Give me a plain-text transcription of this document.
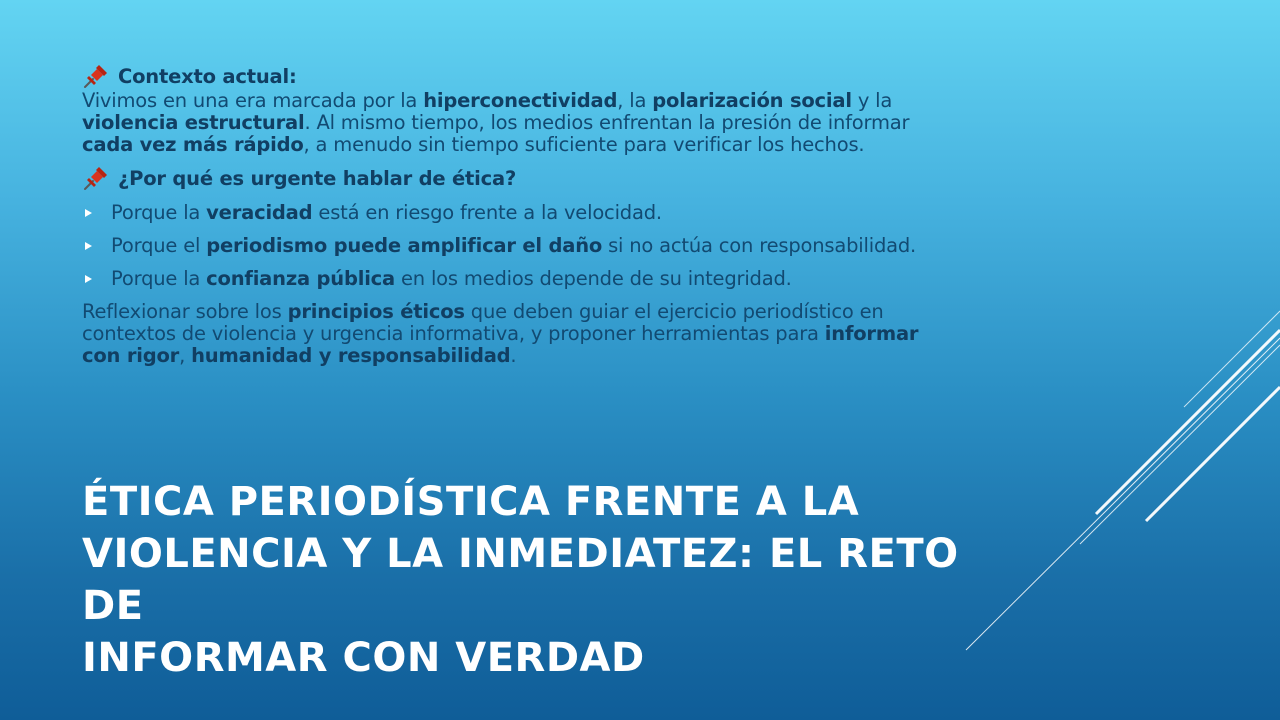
Contexto actual:

Vivimos en una era marcada por la hiperconectividad, la polarización social y la violencia estructural. Al mismo tiempo, los medios enfrentan la presión de informar cada vez más rápido, a menudo sin tiempo suficiente para verificar los hechos.

¿Por qué es urgente hablar de ética?
Porque la veracidad está en riesgo frente a la velocidad.
Porque el periodismo puede amplificar el daño si no actúa con responsabilidad.
Porque la confianza pública en los medios depende de su integridad.

Reflexionar sobre los principios éticos que deben guiar el ejercicio periodístico en contextos de violencia y urgencia informativa, y proponer herramientas para informar con rigor, humanidad y responsabilidad.

ÉTICA PERIODÍSTICA FRENTE A LA
VIOLENCIA Y LA INMEDIATEZ: EL RETO DE
INFORMAR CON VERDAD
